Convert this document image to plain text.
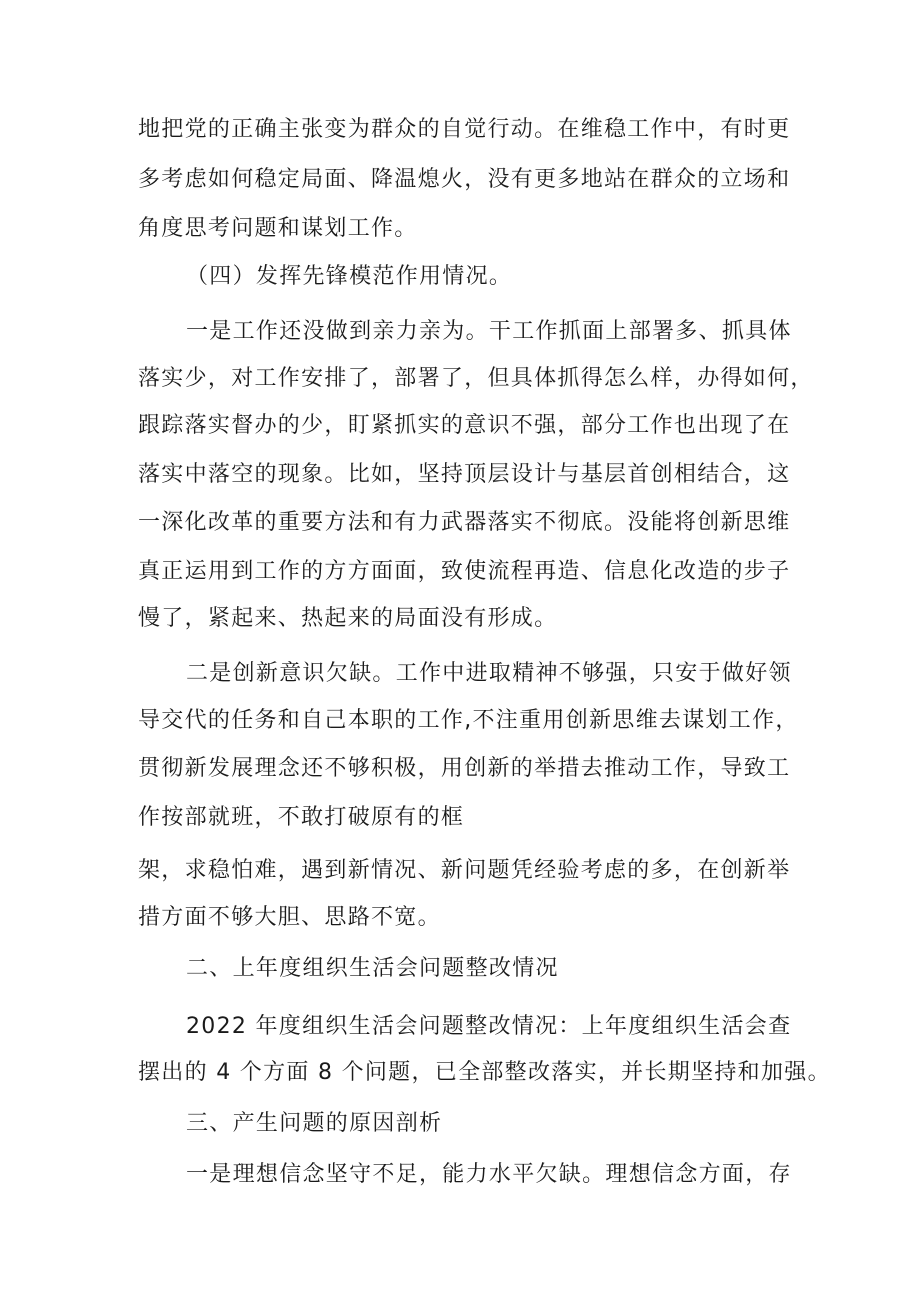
地把党的正确主张变为群众的自觉行动。在维稳工作中，有时更
多考虑如何稳定局面、降温熄火，没有更多地站在群众的立场和
角度思考问题和谋划工作。
（四）发挥先锋模范作用情况。
一是工作还没做到亲力亲为。干工作抓面上部署多、抓具体
落实少，对工作安排了，部署了，但具体抓得怎么样，办得如何，
跟踪落实督办的少，盯紧抓实的意识不强，部分工作也出现了在
落实中落空的现象。比如，坚持顶层设计与基层首创相结合，这
一深化改革的重要方法和有力武器落实不彻底。没能将创新思维
真正运用到工作的方方面面，致使流程再造、信息化改造的步子
慢了，紧起来、热起来的局面没有形成。
二是创新意识欠缺。工作中进取精神不够强，只安于做好领
导交代的任务和自己本职的工作,不注重用创新思维去谋划工作，
贯彻新发展理念还不够积极，用创新的举措去推动工作，导致工
作按部就班，不敢打破原有的框
架，求稳怕难，遇到新情况、新问题凭经验考虑的多，在创新举
措方面不够大胆、思路不宽。
二、上年度组织生活会问题整改情况
2022 年度组织生活会问题整改情况：上年度组织生活会查
摆出的 4 个方面 8 个问题，已全部整改落实，并长期坚持和加强。
三、产生问题的原因剖析
一是理想信念坚守不足，能力水平欠缺。理想信念方面，存
